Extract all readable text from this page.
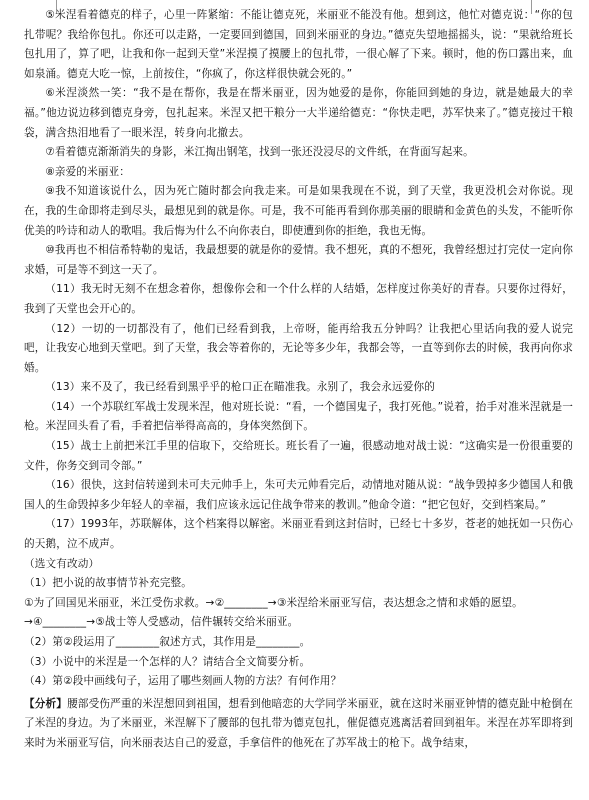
⑤米涅看着德克的样子，心里一阵紧缩：不能让德克死，米丽亚不能没有他。想到这，他忙对德克说：“你的包扎带呢？我给你包扎。你还可以走路，一定要回到德国，回到米丽亚的身边。”德克失望地摇摇头，说：“果就给班长包扎用了，算了吧，让我和你一起到天堂”米涅摸了摸腰上的包扎带，一很心解了下来。顿时，他的伤口露出来，血如泉涌。德克大吃一惊，上前按住，“你疯了，你这样很快就会死的。”

⑥米涅淡然一笑：“我不是在帮你，我是在帮米丽亚，因为她爱的是你，你能回到她的身边，就是她最大的幸福。”他边说边移到德克身旁，包扎起来。米涅又把干粮分一大半递给德克：“你快走吧，苏军快来了。”德克接过干粮袋，满含热泪地看了一眼米涅，转身向北撤去。

⑦看着德克渐渐消失的身影，米江掏出钢笔，找到一张还没浸尽的文件纸，在背面写起来。

⑧亲爱的米丽亚：

⑨我不知道该说什么，因为死亡随时都会向我走来。可是如果我现在不说，到了天堂，我更没机会对你说。现在，我的生命即将走到尽头，最想见到的就是你。可是，我不可能再看到你那美丽的眼睛和金黄色的头发，不能听你优美的吟诗和动人的歌唱。我后悔为什么不向你表白，即使遭到你的拒绝，我也无悔。

⑩我再也不相信希特勒的鬼话，我最想要的就是你的爱情。我不想死，真的不想死，我曾经想过打完仗一定向你求婚，可是等不到这一天了。

（11）我无时无刻不在想念着你，想像你会和一个什么样的人结婚，怎样度过你美好的青春。只要你过得好，我到了天堂也会开心的。

（12）一切的一切都没有了，他们已经看到我，上帝呀，能再给我五分钟吗？让我把心里话向我的爱人说完吧，让我安心地到天堂吧。到了天堂，我会等着你的，无论等多少年，我都会等，一直等到你去的时候，我再向你求婚。

（13）来不及了，我已经看到黑乎乎的枪口正在瞄准我。永别了，我会永远爱你的

（14）一个苏联红军战士发现米涅，他对班长说：“看，一个德国鬼子，我打死他。”说着，抬手对准米涅就是一枪。米涅回头看了看，手着把信举得高高的，身体突然倒下。

（15）战士上前把米江手里的信取下，交给班长。班长看了一遍，很感动地对战士说：“这确实是一份很重要的文件，你务交到司令部。”

（16）很快，这封信转递到未可夫元帅手上，朱可夫元帅看完后，动情地对随从说：“战争毁掉多少德国人和俄国人的生命毁掉多少年轻人的幸福，我们应该永远记住战争带来的教训。”他命令道：“把它包好，交到档案局。”

（17）1993年，苏联解体，这个档案得以解密。米丽亚看到这封信时，已经七十多岁，苍老的她抚如一只伤心的天鹅，泣不成声。

（选文有改动）

（1）把小说的故事情节补充完整。

①为了回国见米丽亚，米江受伤求救。→②________→③米涅给米丽亚写信，表达想念之情和求婚的愿望。

→④________→⑤战士等人受感动，信件辗转交给米丽亚。

（2）第②段运用了________叙述方式，其作用是________。

（3）小说中的米涅是一个怎样的人？请结合全文简要分析。

（4）第②段中画线句子，运用了哪些刻画人物的方法？有何作用？

【分析】腰部受伤严重的米涅想回到祖国，想看到他暗恋的大学同学米丽亚，就在这时米丽亚钟情的德克趾中枪倒在了米涅的身边。为了米丽亚，米涅解下了腰部的包扎带为德克包扎，催促德克逃离活着回到祖年。米涅在苏军即将到来时为米丽亚写信，向米丽表达自己的爱意，手拿信件的他死在了苏军战士的枪下。战争结束，
